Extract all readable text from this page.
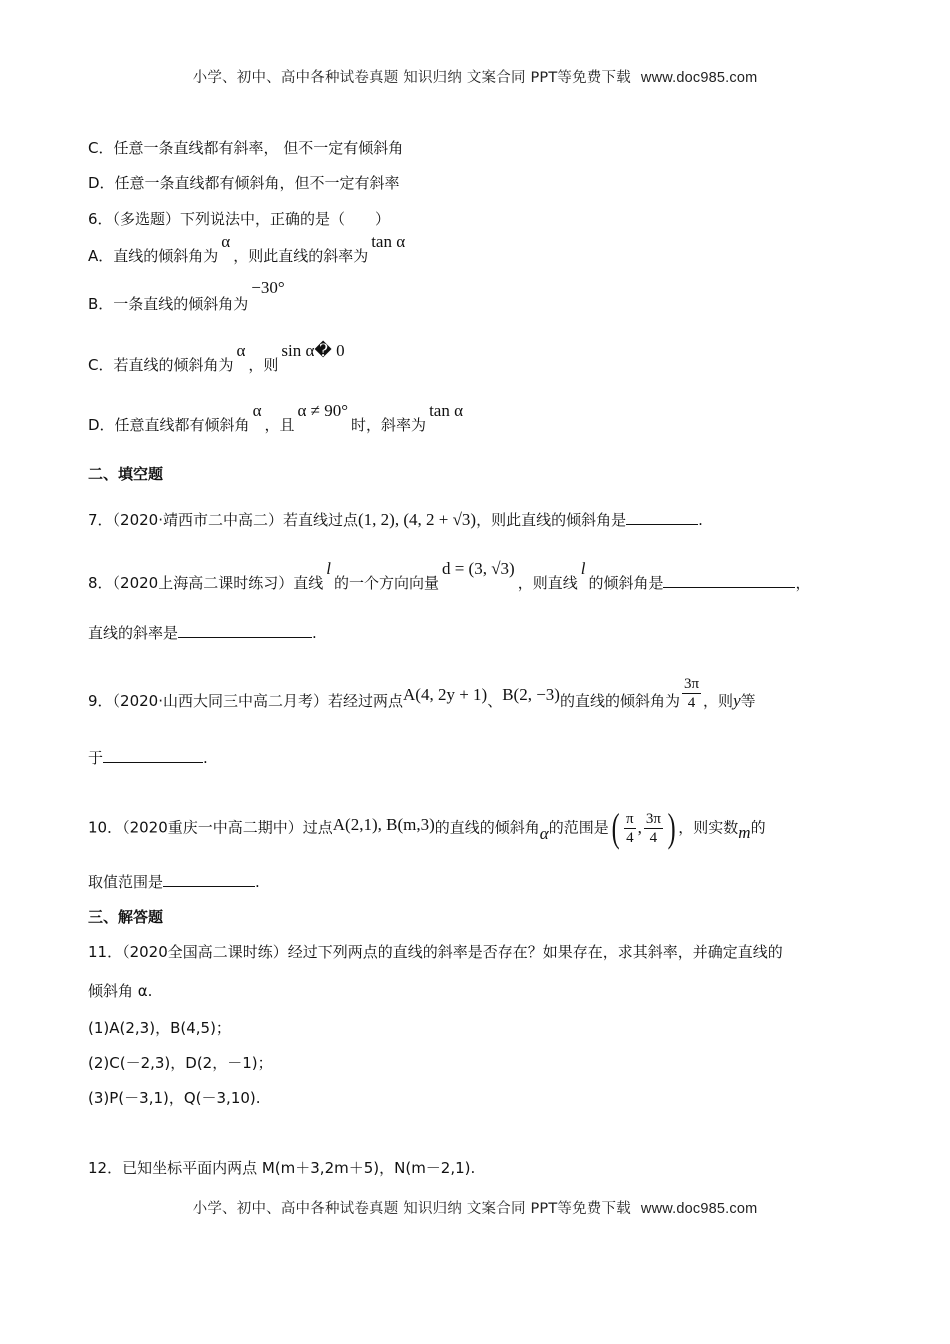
小学、初中、高中各种试卷真题 知识归纳 文案合同 PPT等免费下载 www.doc985.com
C．任意一条直线都有斜率， 但不一定有倾斜角
D．任意一条直线都有倾斜角，但不一定有斜率
6．（多选题）下列说法中，正确的是（　　）
A．直线的倾斜角为α，则此直线的斜率为tan α
B．一条直线的倾斜角为−30°
C．若直线的倾斜角为α，则sin α� 0
D．任意直线都有倾斜角α，且α ≠ 90°时，斜率为tan α
二、填空题
7．（2020·靖西市二中高二）若直线过点(1, 2), (4, 2 + √3)，则此直线的倾斜角是	.
8．（2020上海高二课时练习）直线l的一个方向向量d = (3, √3)，则直线l的倾斜角是	，
直线的斜率是	.
9．（2020·山西大同三中高二月考）若经过两点A(4, 2y + 1)、B(2, −3)的直线的倾斜角为 $\frac{3\pi}{4}$ ，则y等
于	.
10．（2020重庆一中高二期中）过点A(2,1), B(m,3)的直线的倾斜角α的范围是( $\frac{\pi}{4}$ , $\frac{3\pi}{4}$ ) ，则实数m的
取值范围是	.
三、解答题
11．（2020全国高二课时练）经过下列两点的直线的斜率是否存在？如果存在，求其斜率，并确定直线的
倾斜角 α.
(1)A(2,3)，B(4,5)；
(2)C(－2,3)，D(2，－1)；
(3)P(－3,1)，Q(－3,10).
12．已知坐标平面内两点 M(m＋3,2m＋5)，N(m－2,1).
小学、初中、高中各种试卷真题 知识归纳 文案合同 PPT等免费下载 www.doc985.com
